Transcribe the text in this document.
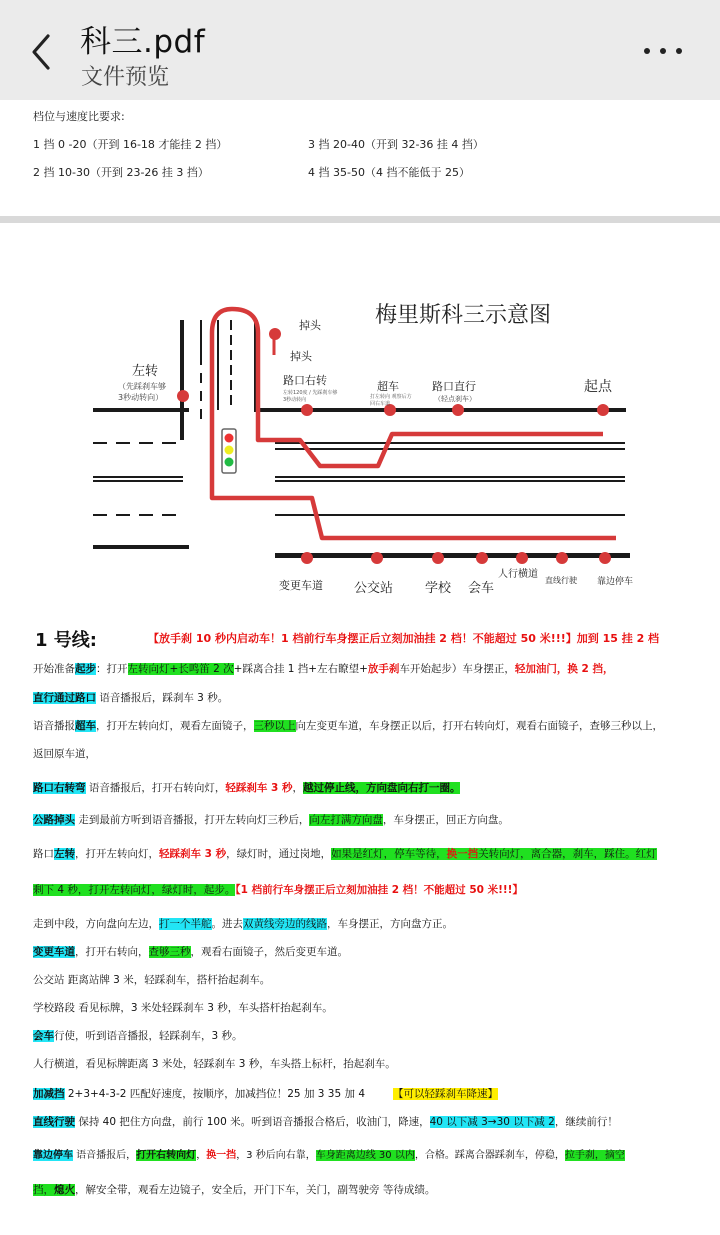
科三.pdf
文件预览
档位与速度比要求:
1 挡 0 -20（开到 16-18 才能挂 2 挡）	3 挡 20-40（开到 32-36 挂 4 挡）
2 挡 10-30（开到 23-26 挂 3 挡）	4 挡 35-50（4 挡不能低于 25）
梅里斯科三示意图
左转
（先踩刹车够
3秒动转向）
掉头
掉头
路口右转
左转120度 / 先踩刹车够
3秒动转向
超车
打左转向 观察后方
回右车道
路口直行
（轻点刹车）
起点
变更车道 公交站 学校 会车
人行横道
直线行驶 靠边停车
1 号线:	【放手刹 10 秒内启动车！1 档前行车身摆正后立刻加油挂 2 档！不能超过 50 米!!!】加到 15 挂 2 档
开始准备起步：打开左转向灯+长鸣笛 2 次+踩离合挂 1 挡+左右瞭望+放手刹车开始起步）车身摆正，轻加油门，换 2 挡，
直行通过路口 语音播报后，踩刹车 3 秒。
语音播报超车，打开左转向灯，观看左面镜子，三秒以上向左变更车道，车身摆正以后，打开右转向灯，观看右面镜子，查够三秒以上，
返回原车道，
路口右转弯 语音播报后，打开右转向灯，轻踩刹车 3 秒，越过停止线，方向盘向右打一圈。
公路掉头 走到最前方听到语音播报，打开左转向灯三秒后，向左打满方向盘，车身摆正，回正方向盘。
路口左转，打开左转向灯，轻踩刹车 3 秒，绿灯时，通过岗地，如果是红灯，停车等待，换一挡关转向灯，离合器，刹车，踩住。红灯
剩下 4 秒，打开左转向灯，绿灯时，起步。【1 档前行车身摆正后立刻加油挂 2 档！不能超过 50 米!!!】
走到中段，方向盘向左边，打一个半舵。进去双黄线旁边的线路，车身摆正，方向盘方正。
变更车道，打开右转向，查够三秒，观看右面镜子，然后变更车道。
公交站 距离站牌 3 米，轻踩刹车，搭杆抬起刹车。
学校路段 看见标牌，3 米处轻踩刹车 3 秒，车头搭杆抬起刹车。
会车行使，听到语音播报，轻踩刹车，3 秒。
人行横道，看见标牌距离 3 米处，轻踩刹车 3 秒，车头搭上标杆，抬起刹车。
加减挡 2+3+4-3-2 匹配好速度，按顺序，加减挡位！25 加 3 35 加 4	【可以轻踩刹车降速】
直线行驶 保持 40 把住方向盘，前行 100 米。听到语音播报合格后，收油门，降速，40 以下减 3→30 以下减 2，继续前行！
靠边停车 语音播报后，打开右转向灯，换一挡，3 秒后向右靠，车身距离边线 30 以内，合格。踩离合器踩刹车，停稳，拉手刹，摘空
挡，熄火，解安全带，观看左边镜子，安全后，开门下车，关门，副驾驶旁 等待成绩。
